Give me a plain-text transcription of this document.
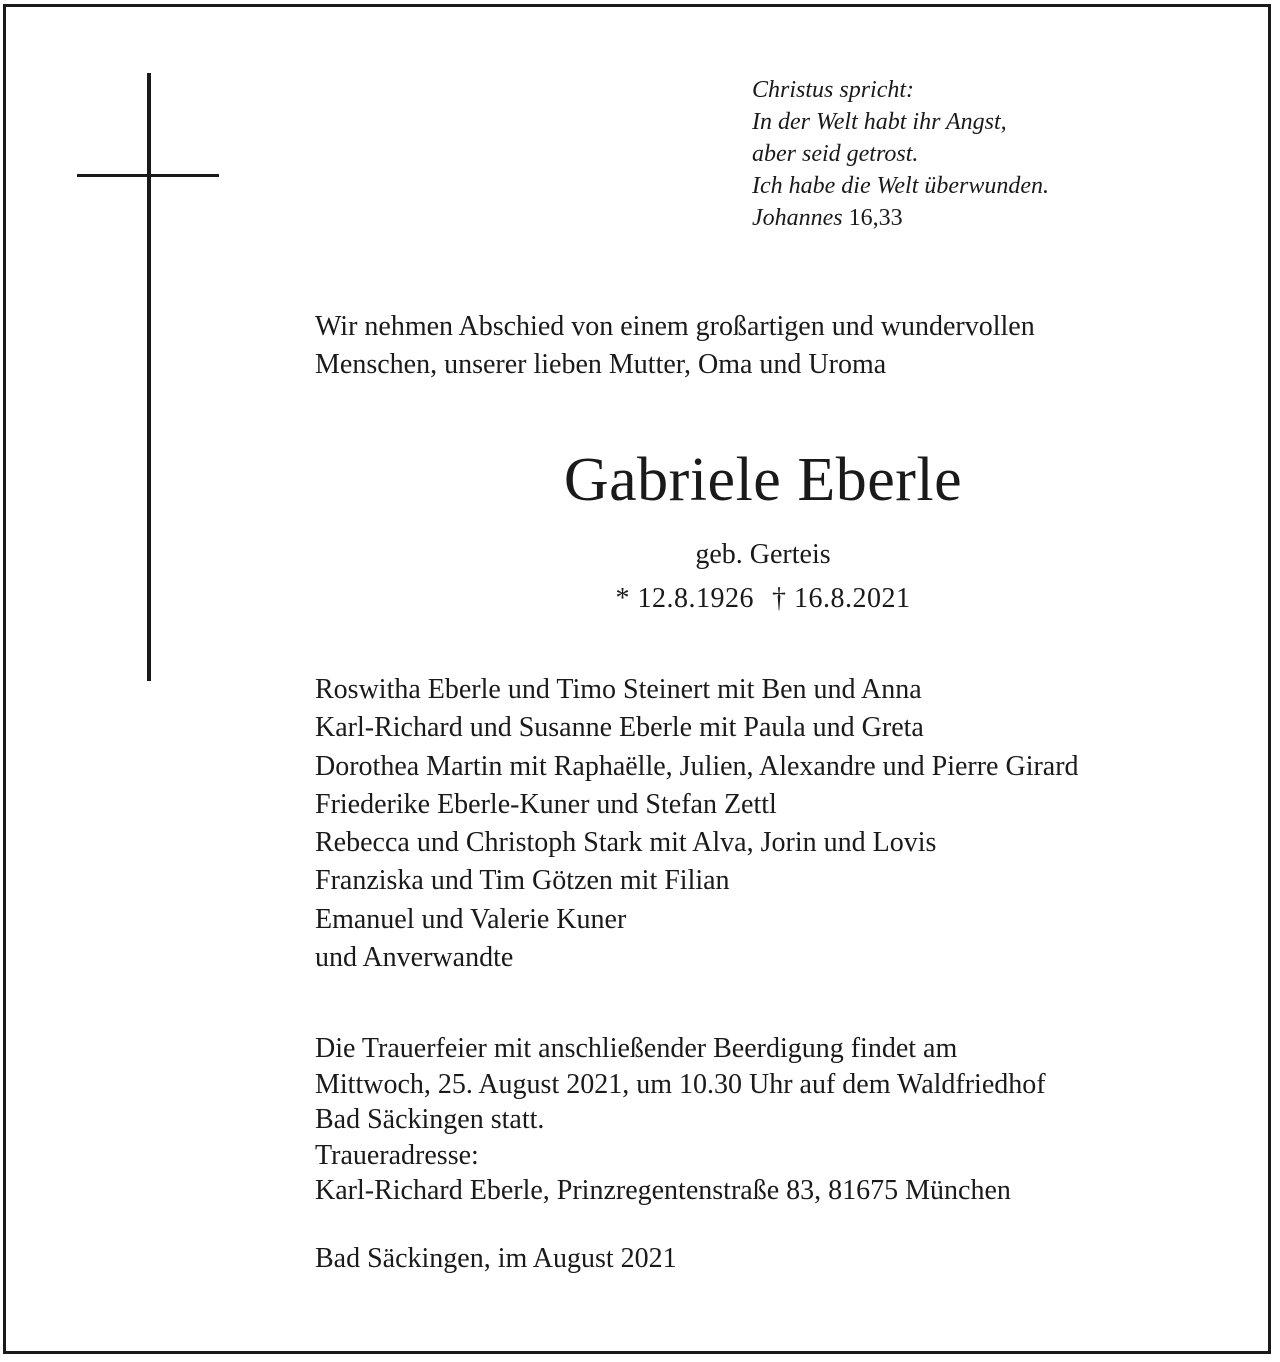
Christus spricht:
In der Welt habt ihr Angst,
aber seid getrost.
Ich habe die Welt überwunden.
Johannes 16,33
Wir nehmen Abschied von einem großartigen und wundervollen
Menschen, unserer lieben Mutter, Oma und Uroma
Gabriele Eberle
geb. Gerteis
* 12.8.1926 † 16.8.2021
Roswitha Eberle und Timo Steinert mit Ben und Anna
Karl-Richard und Susanne Eberle mit Paula und Greta
Dorothea Martin mit Raphaëlle, Julien, Alexandre und Pierre Girard
Friederike Eberle-Kuner und Stefan Zettl
Rebecca und Christoph Stark mit Alva, Jorin und Lovis
Franziska und Tim Götzen mit Filian
Emanuel und Valerie Kuner
und Anverwandte
Die Trauerfeier mit anschließender Beerdigung findet am
Mittwoch, 25. August 2021, um 10.30 Uhr auf dem Waldfriedhof
Bad Säckingen statt.
Traueradresse:
Karl-Richard Eberle, Prinzregentenstraße 83, 81675 München
Bad Säckingen, im August 2021
